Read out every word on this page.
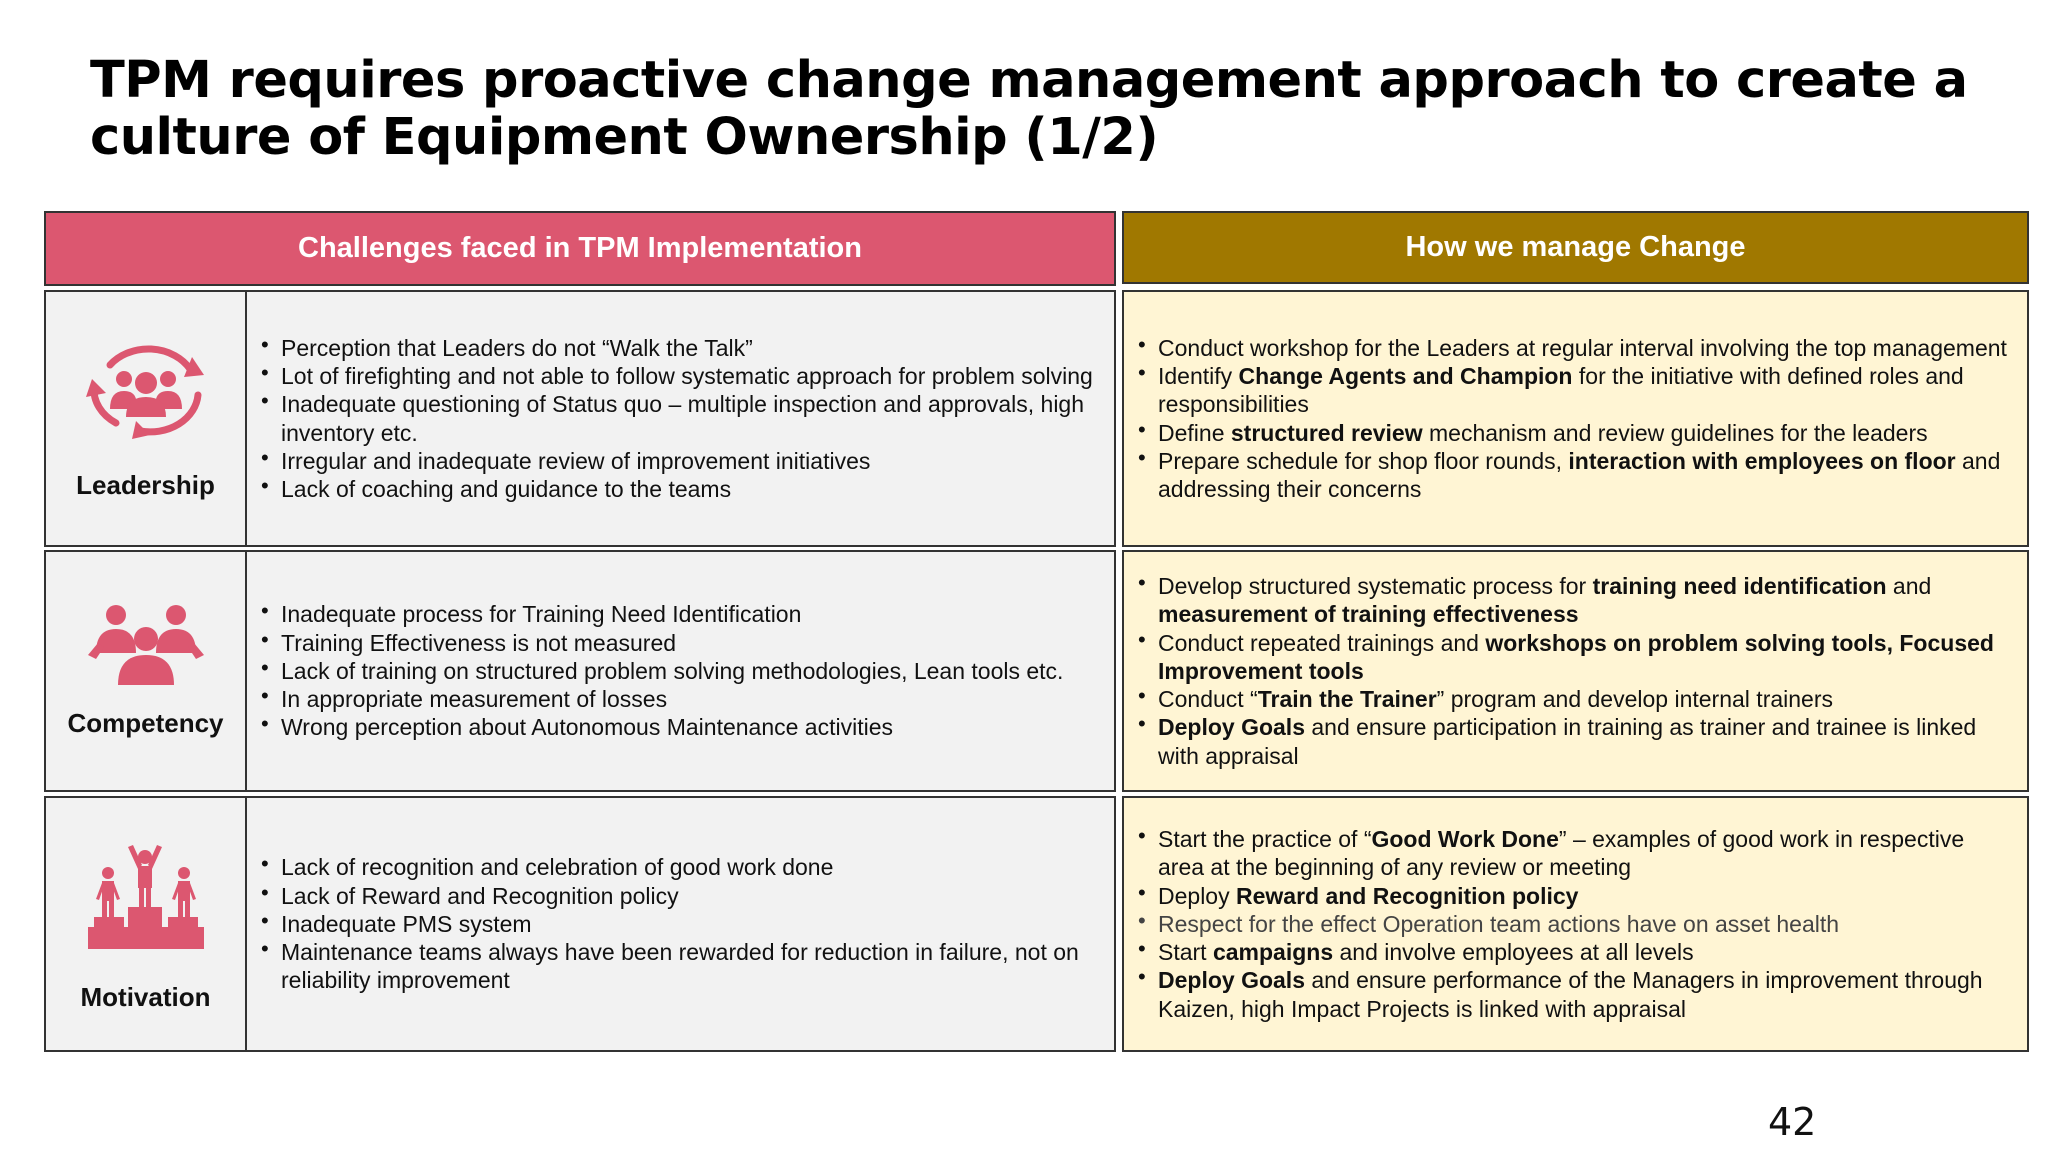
TPM requires proactive change management approach to create a culture of Equipment Ownership (1/2)
Challenges faced in TPM Implementation	How we manage Change
Leadership
• Perception that Leaders do not “Walk the Talk”
• Lot of firefighting and not able to follow systematic approach for problem solving
• Inadequate questioning of Status quo – multiple inspection and approvals, high inventory etc.
• Irregular and inadequate review of improvement initiatives
• Lack of coaching and guidance to the teams
• Conduct workshop for the Leaders at regular interval involving the top management
• Identify Change Agents and Champion for the initiative with defined roles and responsibilities
• Define structured review mechanism and review guidelines for the leaders
• Prepare schedule for shop floor rounds, interaction with employees on floor and addressing their concerns
Competency
• Inadequate process for Training Need Identification
• Training Effectiveness is not measured
• Lack of training on structured problem solving methodologies, Lean tools etc.
• In appropriate measurement of losses
• Wrong perception about Autonomous Maintenance activities
• Develop structured systematic process for training need identification and measurement of training effectiveness
• Conduct repeated trainings and workshops on problem solving tools, Focused Improvement tools
• Conduct “Train the Trainer” program and develop internal trainers
• Deploy Goals and ensure participation in training as trainer and trainee is linked with appraisal
Motivation
• Lack of recognition and celebration of good work done
• Lack of Reward and Recognition policy
• Inadequate PMS system
• Maintenance teams always have been rewarded for reduction in failure, not on reliability improvement
• Start the practice of “Good Work Done” – examples of good work in respective area at the beginning of any review or meeting
• Deploy Reward and Recognition policy
• Respect for the effect Operation team actions have on asset health
• Start campaigns and involve employees at all levels
• Deploy Goals and ensure performance of the Managers in improvement through Kaizen, high Impact Projects is linked with appraisal
42
